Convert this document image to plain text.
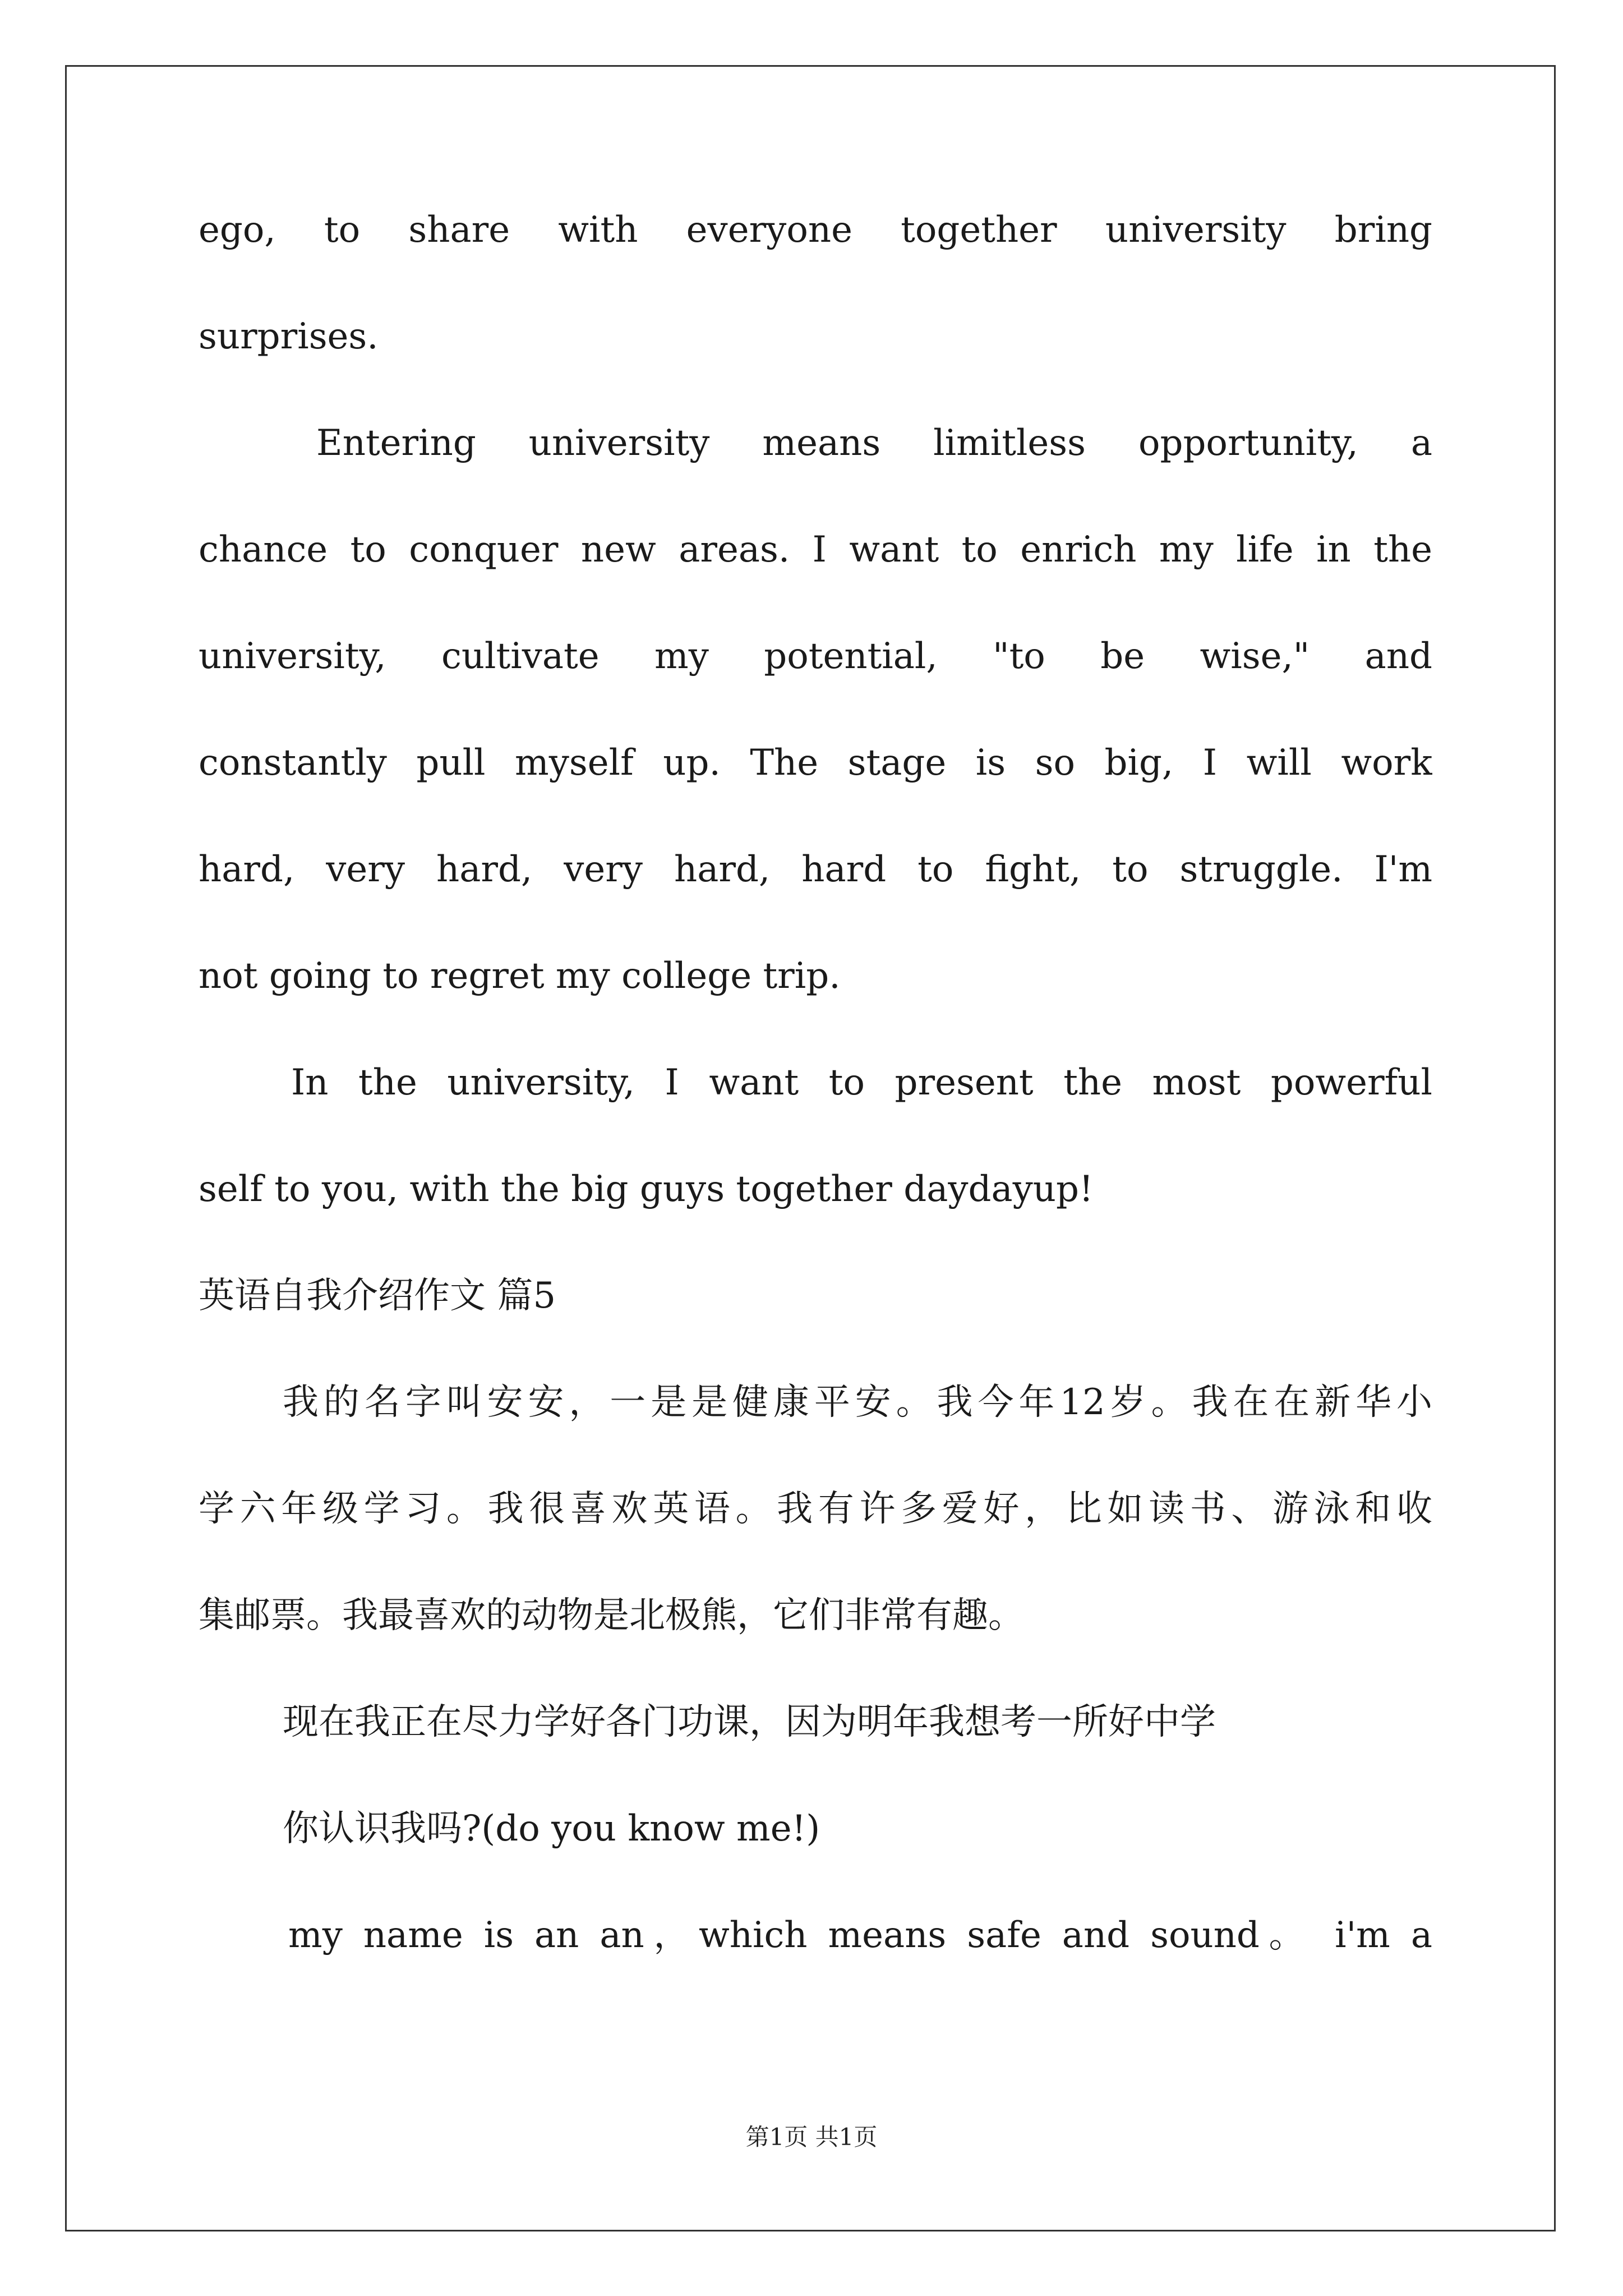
ego, to share with everyone together university bring
surprises.
Entering university means limitless opportunity, a
chance to conquer new areas. I want to enrich my life in the
university, cultivate my potential, "to be wise," and
constantly pull myself up. The stage is so big, I will work
hard, very hard, very hard, hard to fight, to struggle. I'm
not going to regret my college trip.
In the university, I want to present the most powerful
self to you, with the big guys together daydayup!
英语自我介绍作文 篇5
我的名字叫安安，一是是健康平安。我今年12岁。我在在新华小
学六年级学习。我很喜欢英语。我有许多爱好，比如读书、游泳和收
集邮票。我最喜欢的动物是北极熊，它们非常有趣。
现在我正在尽力学好各门功课，因为明年我想考一所好中学
你认识我吗?(do you know me!)
my name is an an，which means safe and sound。 i'm a
第1页 共1页
